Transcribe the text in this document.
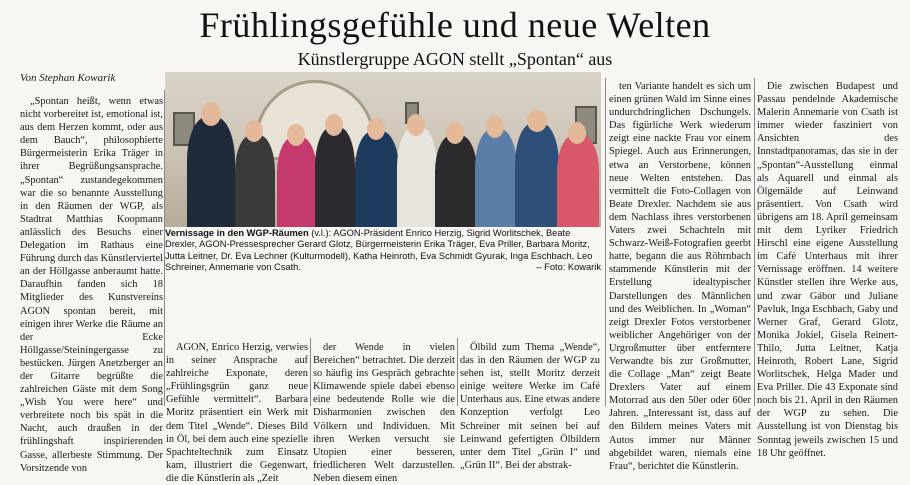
Frühlingsgefühle und neue Welten
Künstlergruppe AGON stellt „Spontan“ aus
Von Stephan Kowarik

„Spontan heißt, wenn etwas nicht vorbereitet ist, emotional ist, aus dem Herzen kommt, oder aus dem Bauch“, philosophierte Bürgermeisterin Erika Träger in ihrer Begrüßungsansprache. „Spontan“ zustandegekommen war die so benannte Ausstellung in den Räumen der WGP, als Stadtrat Matthias Koopmann anlässlich des Besuchs einer Delegation im Rathaus eine Führung durch das Künstlerviertel an der Höllgasse anberaumt hatte. Daraufhin fanden sich 18 Mitglieder des Kunstvereins AGON spontan bereit, mit einigen ihrer Werke die Räume an der Ecke Höllgasse/Steiningergasse zu bestücken. Jürgen Anetzberger an der Gitarre begrüßte die zahlreichen Gäste mit dem Song „Wish You were here“ und verbreitete noch bis spät in die Nacht, auch draußen in der frühlingshaft inspirierenden Gasse, allerbeste Stimmung. Der Vorsitzende von

Vernissage in den WGP-Räumen (v.l.): AGON-Präsident Enrico Herzig, Sigrid Worlitschek, Beate Drexler, AGON-Pressesprecher Gerard Glotz, Bürgermeisterin Erika Träger, Eva Priller, Barbara Moritz, Jutta Leitner, Dr. Eva Lechner (Kulturmodell), Katha Heinroth, Eva Schmidt Gyurak, Inga Eschbach, Leo Schreiner, Annemarie von Csath.	– Foto: Kowarik

AGON, Enrico Herzig, verwies in seiner Ansprache auf zahlreiche Exponate, deren „Frühlingsgrün ganz neue Gefühle vermittelt“. Barbara Moritz präsentiert ein Werk mit dem Titel „Wende“. Dieses Bild in Öl, bei dem auch eine spezielle Spachteltechnik zum Einsatz kam, illustriert die Gegenwart, die die Künstlerin als „Zeit

der Wende in vielen Bereichen“ betrachtet. Die derzeit so häufig ins Gespräch gebrachte Klimawende spiele dabei ebenso eine bedeutende Rolle wie die Disharmonien zwischen den Völkern und Individuen. Mit ihren Werken versucht sie Utopien einer besseren, friedlicheren Welt darzustellen. Neben diesem einen

Ölbild zum Thema „Wende“, das in den Räumen der WGP zu sehen ist, stellt Moritz derzeit einige weitere Werke im Café Unterhaus aus. Eine etwas andere Konzeption verfolgt Leo Schreiner mit seinen bei auf Leinwand gefertigten Ölbildern unter dem Titel „Grün I“ und „Grün II“. Bei der abstrak-

ten Variante handelt es sich um einen grünen Wald im Sinne eines undurchdringlichen Dschungels. Das figürliche Werk wiederum zeigt eine nackte Frau vor einem Spiegel. Auch aus Erinnerungen, etwa an Verstorbene, können neue Welten entstehen. Das vermittelt die Foto-Collagen von Beate Drexler. Nachdem sie aus dem Nachlass ihres verstorbenen Vaters zwei Schachteln mit Schwarz-Weiß-Fotografien geerbt hatte, begann die aus Röhrnbach stammende Künstlerin mit der Erstellung idealtypischer Darstellungen des Männlichen und des Weiblichen. In „Woman“ zeigt Drexler Fotos verstorbener weiblicher Angehöriger von der Urgroßmutter über entferntere Verwandte bis zur Großmutter, die Collage „Man“ zeigt Beate Drexlers Vater auf einem Motorrad aus den 50er oder 60er Jahren. „Interessant ist, dass auf den Bildern meines Vaters mit Autos immer nur Männer abgebildet waren, niemals eine Frau“, berichtet die Künstlerin.

Die zwischen Budapest und Passau pendelnde Akademische Malerin Annemarie von Csath ist immer wieder fasziniert von Ansichten des Innstadtpanoramas, das sie in der „Spontan“-Ausstellung einmal als Aquarell und einmal als Ölgemälde auf Leinwand präsentiert. Von Csath wird übrigens am 18. April gemeinsam mit dem Lyriker Friedrich Hirschl eine eigene Ausstellung im Café Unterhaus mit ihrer Vernissage eröffnen. 14 weitere Künstler stellen ihre Werke aus, und zwar Gábor und Juliane Pavluk, Inga Eschbach, Gaby und Werner Graf, Gerard Glotz, Monika Jokiel, Gisela Reinert-Thilo, Jutta Leitner, Katja Heinroth, Robert Lane, Sigrid Worlitschek, Helga Mader und Eva Priller. Die 43 Exponate sind noch bis 21. April in den Räumen der WGP zu sehen. Die Ausstellung ist von Dienstag bis Sonntag jeweils zwischen 15 und 18 Uhr geöffnet.
